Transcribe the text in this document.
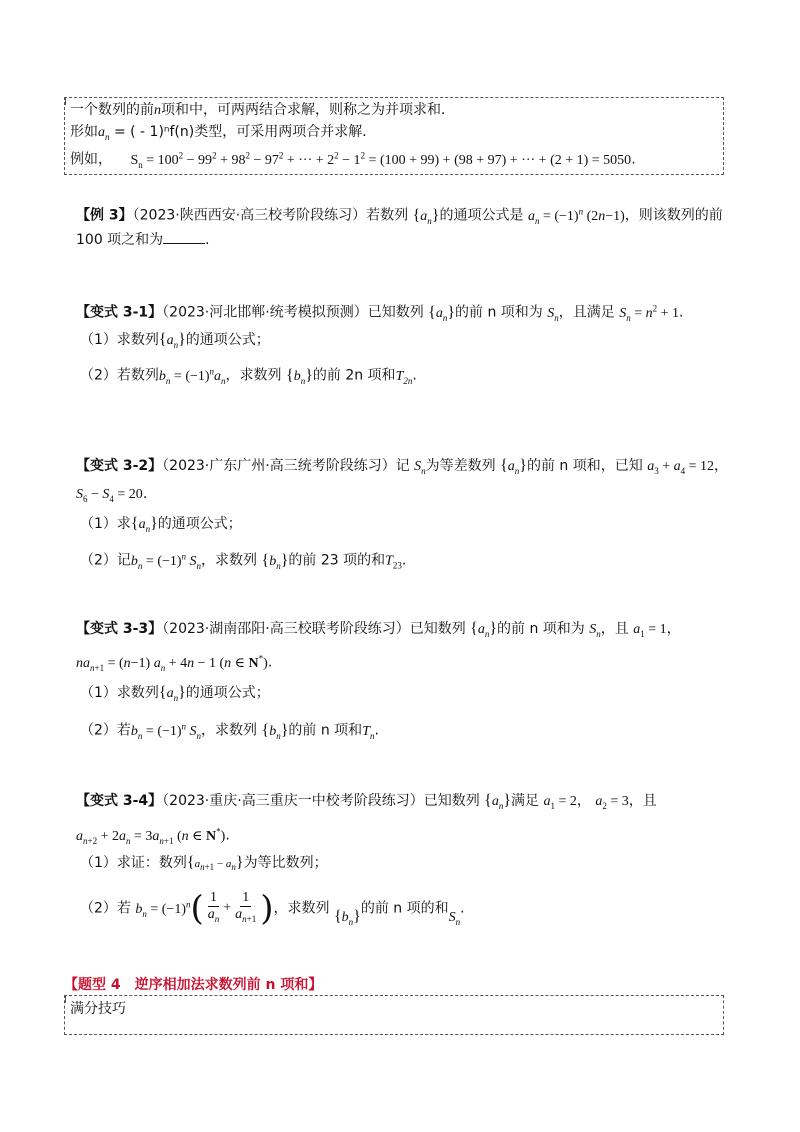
一个数列的前n项和中，可两两结合求解，则称之为并项求和．
形如$a_n$ = ( - 1)ⁿf(n)类型，可采用两项合并求解．
例如， $S_n = 100^2 - 99^2 + 98^2 - 97^2$ + ··· + $2^2 - 1^2 = (100 + 99) + (98 + 97)$ + ··· + (2 + 1) = 5050.
【例 3】（2023·陕西西安·高三校考阶段练习）若数列 $\{a_n\}$的通项公式是 $a_n = (-1)^n$ (2n−1)，则该数列的前
100 项之和为	.
【变式 3-1】（2023·河北邯郸·统考模拟预测）已知数列 $\{a_n\}$的前 n 项和为 $S_n$，且满足 $S_n = n^2 + 1$.
（1）求数列$\{a_n\}$的通项公式；
（2）若数列$b_n = (-1)^na_n$，求数列 $\{b_n\}$的前 2n 项和$T_{2n}$.
【变式 3-2】（2023·广东广州·高三统考阶段练习）记 $S_n$为等差数列 $\{a_n\}$的前 n 项和，已知 $a_3 + a_4 = 12$，
$S_6 - S_4 = 20$.
（1）求$\{a_n\}$的通项公式；
（2）记$b_n = (-1)^n$ $S_n$，求数列 $\{b_n\}$的前 23 项的和$T_{23}$.
【变式 3-3】（2023·湖南邵阳·高三校联考阶段练习）已知数列 $\{a_n\}$的前 n 项和为 $S_n$，且 $a_1 = 1$，
$na_{n+1} = (n-1) a_n + 4n - 1$ (n ∈ N*).
（1）求数列$\{a_n\}$的通项公式；
（2）若$b_n = (-1)^n$ $S_n$，求数列 $\{b_n\}$的前 n 项和$T_n$.
【变式 3-4】（2023·重庆·高三重庆一中校考阶段练习）已知数列 $\{a_n\}$满足 $a_1 = 2$， $a_2 = 3$，且
$a_{n+2} + 2a_n = 3a_{n+1}$ (n ∈ N*).
（1）求证：数列$\{a_{n+1} - a_n\}$为等比数列；
（2）若 $b_n = (-1)^n( \frac{1}{a_n} + \frac{1}{a_{n+1}}$ )，求数列 $\{b_n\}$的前 n 项的和$S_n$.
【题型 4　逆序相加法求数列前 n 项和】
满分技巧
